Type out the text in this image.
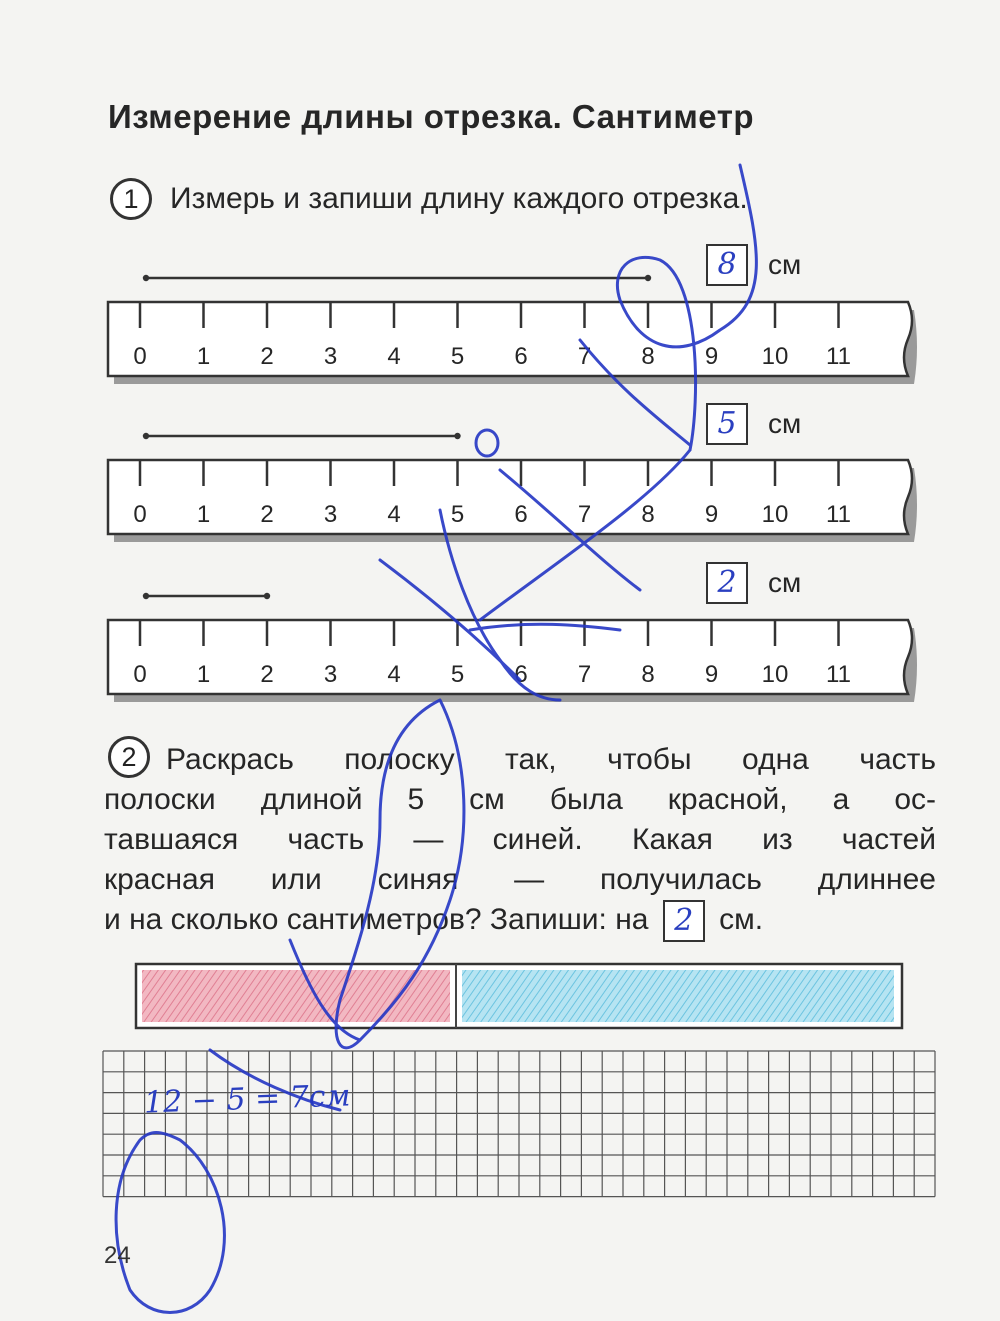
Измерение длины отрезка. Сантиметр
1	Измерь и запиши длину каждого отрезка.
0 1 2 3 4 5 6 7 8 9 10 11
0 1 2 3 4 5 6 7 8 9 10 11
0 1 2 3 4 5 6 7 8 9 10 11
8 см
5 см
2 см
2 Раскрась полоску так, чтобы одна часть
полоски длиной 5 см была красной, а ос-
тавшаяся часть — синей. Какая из частей
красная или синяя — получилась длиннее
и на сколько сантиметров? Запиши: на 2 см.
12 − 5 = 7см
24
